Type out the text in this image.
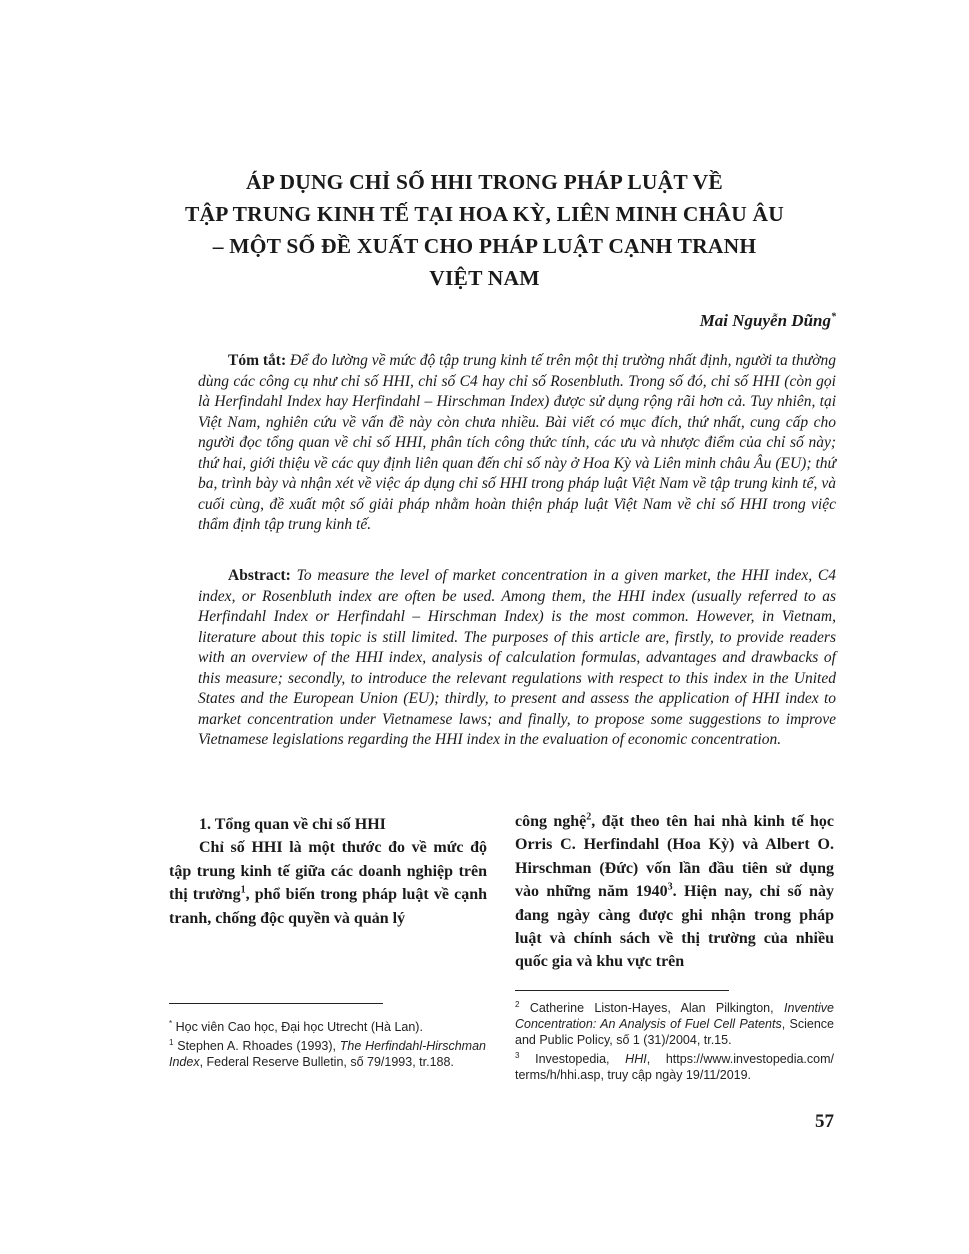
ÁP DỤNG CHỈ SỐ HHI TRONG PHÁP LUẬT VỀ
TẬP TRUNG KINH TẾ TẠI HOA KỲ, LIÊN MINH CHÂU ÂU
– MỘT SỐ ĐỀ XUẤT CHO PHÁP LUẬT CẠNH TRANH
VIỆT NAM
Mai Nguyễn Dũng*

Tóm tắt: Để đo lường về mức độ tập trung kinh tế trên một thị trường nhất định, người ta thường dùng các công cụ như chỉ số HHI, chỉ số C4 hay chỉ số Rosenbluth. Trong số đó, chỉ số HHI (còn gọi là Herfindahl Index hay Herfindahl – Hirschman Index) được sử dụng rộng rãi hơn cả. Tuy nhiên, tại Việt Nam, nghiên cứu về vấn đề này còn chưa nhiều. Bài viết có mục đích, thứ nhất, cung cấp cho người đọc tổng quan về chỉ số HHI, phân tích công thức tính, các ưu và nhược điểm của chỉ số này; thứ hai, giới thiệu về các quy định liên quan đến chỉ số này ở Hoa Kỳ và Liên minh châu Âu (EU); thứ ba, trình bày và nhận xét về việc áp dụng chỉ số HHI trong pháp luật Việt Nam về tập trung kinh tế, và cuối cùng, đề xuất một số giải pháp nhằm hoàn thiện pháp luật Việt Nam về chỉ số HHI trong việc thẩm định tập trung kinh tế.

Abstract: To measure the level of market concentration in a given market, the HHI index, C4 index, or Rosenbluth index are often be used. Among them, the HHI index (usually referred to as Herfindahl Index or Herfindahl – Hirschman Index) is the most common. However, in Vietnam, literature about this topic is still limited. The purposes of this article are, firstly, to provide readers with an overview of the HHI index, analysis of calculation formulas, advantages and drawbacks of this measure; secondly, to introduce the relevant regulations with respect to this index in the United States and the European Union (EU); thirdly, to present and assess the application of HHI index to market concentration under Vietnamese laws; and finally, to propose some suggestions to improve Vietnamese legislations regarding the HHI index in the evaluation of economic concentration.

1. Tổng quan về chỉ số HHI

Chỉ số HHI là một thước đo về mức độ tập trung kinh tế giữa các doanh nghiệp trên thị trường$^1$, phổ biến trong pháp luật về cạnh tranh, chống độc quyền và quản lý

công nghệ$^2$, đặt theo tên hai nhà kinh tế học Orris C. Herfindahl (Hoa Kỳ) và Albert O. Hirschman (Đức) vốn lần đầu tiên sử dụng vào những năm 1940$^3$. Hiện nay, chỉ số này đang ngày càng được ghi nhận trong pháp luật và chính sách về thị trường của nhiều quốc gia và khu vực trên

* Học viên Cao học, Đại học Utrecht (Hà Lan).

$^1$ Stephen A. Rhoades (1993), The Herfindahl-Hirschman Index, Federal Reserve Bulletin, số 79/1993, tr.188.

$^2$ Catherine Liston-Hayes, Alan Pilkington, Inventive Concentration: An Analysis of Fuel Cell Patents, Science and Public Policy, số 1 (31)/2004, tr.15.

$^3$ Investopedia, HHI, https://www.investopedia.com/ terms/h/hhi.asp, truy cập ngày 19/11/2019.

57
